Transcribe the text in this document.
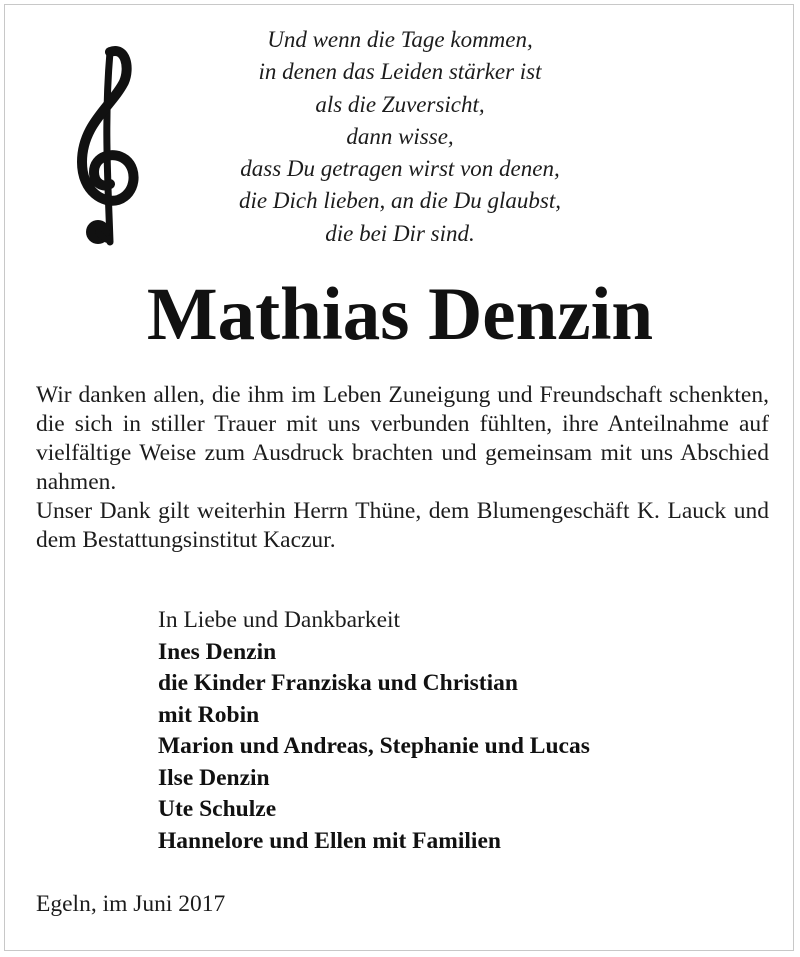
Und wenn die Tage kommen,
in denen das Leiden stärker ist
als die Zuversicht,
dann wisse,
dass Du getragen wirst von denen,
die Dich lieben, an die Du glaubst,
die bei Dir sind.
Mathias Denzin

Wir danken allen, die ihm im Leben Zuneigung und Freundschaft schenkten, die sich in stiller Trauer mit uns verbunden fühlten, ihre Anteilnahme auf vielfältige Weise zum Ausdruck brachten und gemeinsam mit uns Abschied nahmen.

Unser Dank gilt weiterhin Herrn Thüne, dem Blumengeschäft K. Lauck und dem Bestattungsinstitut Kaczur.

In Liebe und Dankbarkeit
Ines Denzin
die Kinder Franziska und Christian
mit Robin
Marion und Andreas, Stephanie und Lucas
Ilse Denzin
Ute Schulze
Hannelore und Ellen mit Familien
Egeln, im Juni 2017
